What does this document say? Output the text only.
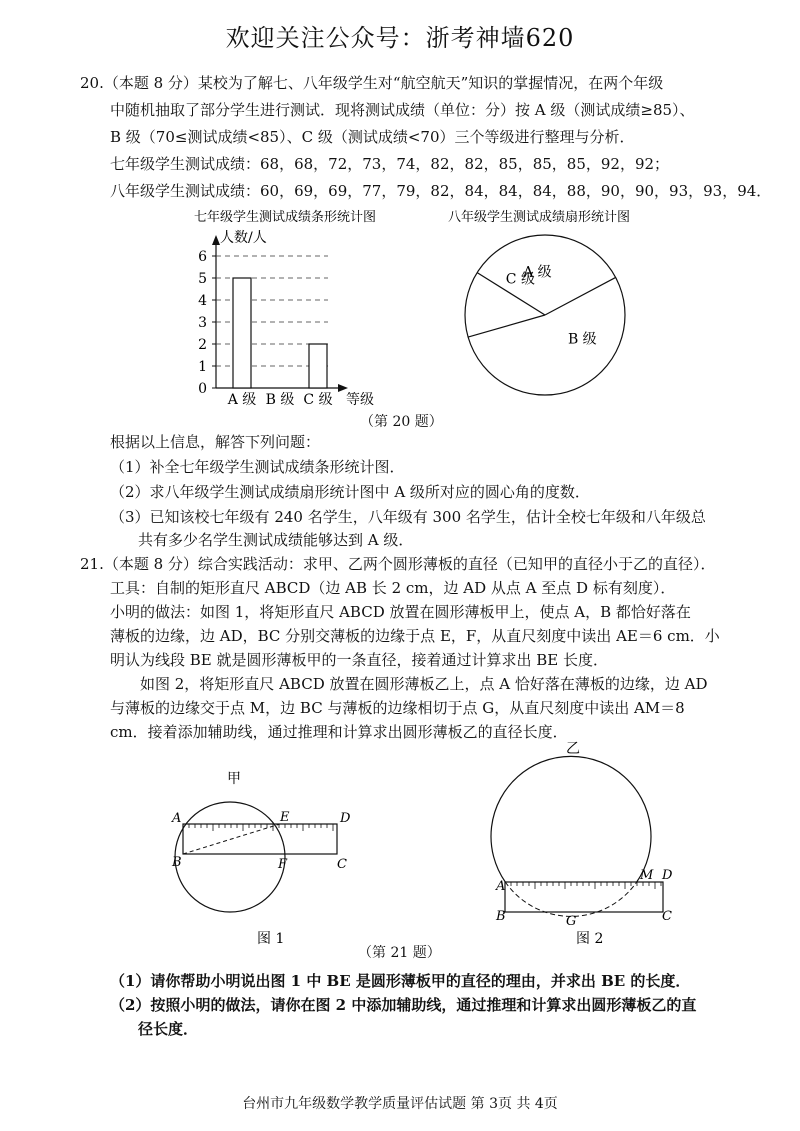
欢迎关注公众号：浙考神墙620
20.（本题 8 分）某校为了解七、八年级学生对“航空航天”知识的掌握情况，在两个年级
中随机抽取了部分学生进行测试．现将测试成绩（单位：分）按 A 级（测试成绩≥85）、
B 级（70≤测试成绩<85）、C 级（测试成绩<70）三个等级进行整理与分析．
七年级学生测试成绩：68，68，72，73，74，82，82，85，85，85，92，92；
八年级学生测试成绩：60，69，69，77，79，82，84，84，84，88，90，90，93，93，94．
七年级学生测试成绩条形统计图
人数/人
0
1
2
3
4
5
6
A 级 B 级 C 级 等级
八年级学生测试成绩扇形统计图
B 级
C 级
A 级
（第 20 题）
根据以上信息，解答下列问题：
（1）补全七年级学生测试成绩条形统计图．
（2）求八年级学生测试成绩扇形统计图中 A 级所对应的圆心角的度数．
（3）已知该校七年级有 240 名学生，八年级有 300 名学生，估计全校七年级和八年级总
共有多少名学生测试成绩能够达到 A 级．
21.（本题 8 分）综合实践活动：求甲、乙两个圆形薄板的直径（已知甲的直径小于乙的直径）．
工具：自制的矩形直尺 ABCD（边 AB 长 2 cm，边 AD 从点 A 至点 D 标有刻度）．
小明的做法：如图 1，将矩形直尺 ABCD 放置在圆形薄板甲上，使点 A，B 都恰好落在
薄板的边缘，边 AD，BC 分别交薄板的边缘于点 E，F，从直尺刻度中读出 AE＝6 cm．小
明认为线段 BE 就是圆形薄板甲的一条直径，接着通过计算求出 BE 长度．
　　如图 2，将矩形直尺 ABCD 放置在圆形薄板乙上，点 A 恰好落在薄板的边缘，边 AD
与薄板的边缘交于点 M，边 BC 与薄板的边缘相切于点 G，从直尺刻度中读出 AM＝8
cm．接着添加辅助线，通过推理和计算求出圆形薄板乙的直径长度．
甲
A	E	D
B	F	C
图 1
乙
A
M D
B	G	C
图 2
（第 21 题）
（1）请你帮助小明说出图 1 中 BE 是圆形薄板甲的直径的理由，并求出 BE 的长度．
（2）按照小明的做法，请你在图 2 中添加辅助线，通过推理和计算求出圆形薄板乙的直
径长度．
台州市九年级数学教学质量评估试题 第 3页 共 4页
